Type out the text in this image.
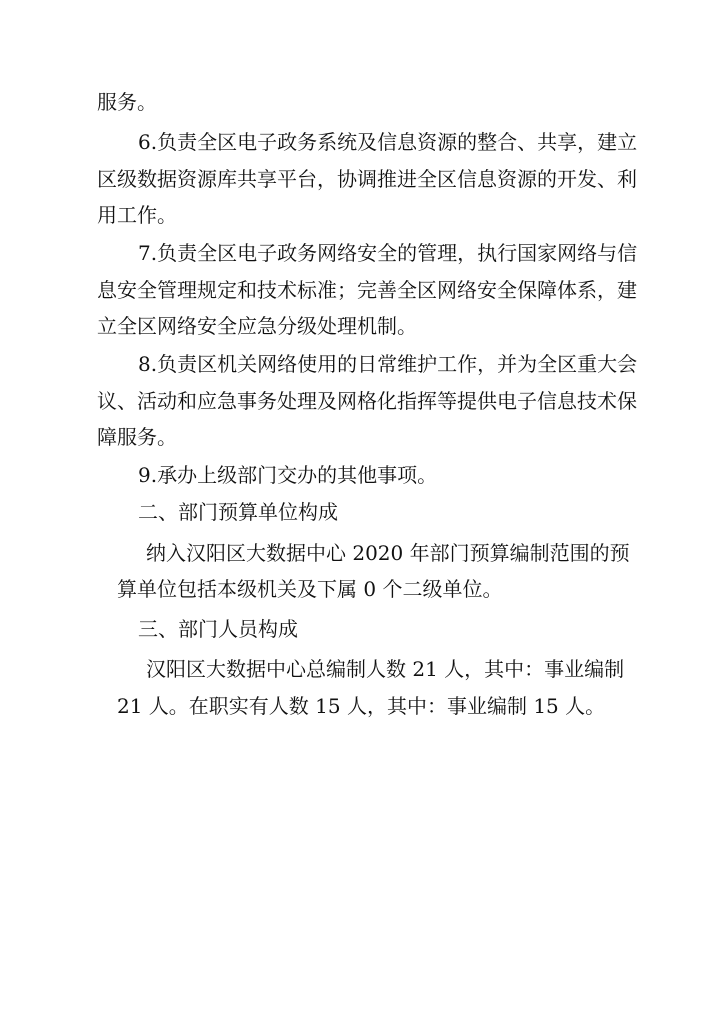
服务。
6.负责全区电子政务系统及信息资源的整合、共享，建立
区级数据资源库共享平台，协调推进全区信息资源的开发、利
用工作。
7.负责全区电子政务网络安全的管理，执行国家网络与信
息安全管理规定和技术标准；完善全区网络安全保障体系，建
立全区网络安全应急分级处理机制。
8.负责区机关网络使用的日常维护工作，并为全区重大会
议、活动和应急事务处理及网格化指挥等提供电子信息技术保
障服务。
9.承办上级部门交办的其他事项。
二、部门预算单位构成
纳入汉阳区大数据中心 2020 年部门预算编制范围的预
算单位包括本级机关及下属 0 个二级单位。
三、部门人员构成
汉阳区大数据中心总编制人数 21 人，其中：事业编制
21 人。在职实有人数 15 人，其中：事业编制 15 人。
